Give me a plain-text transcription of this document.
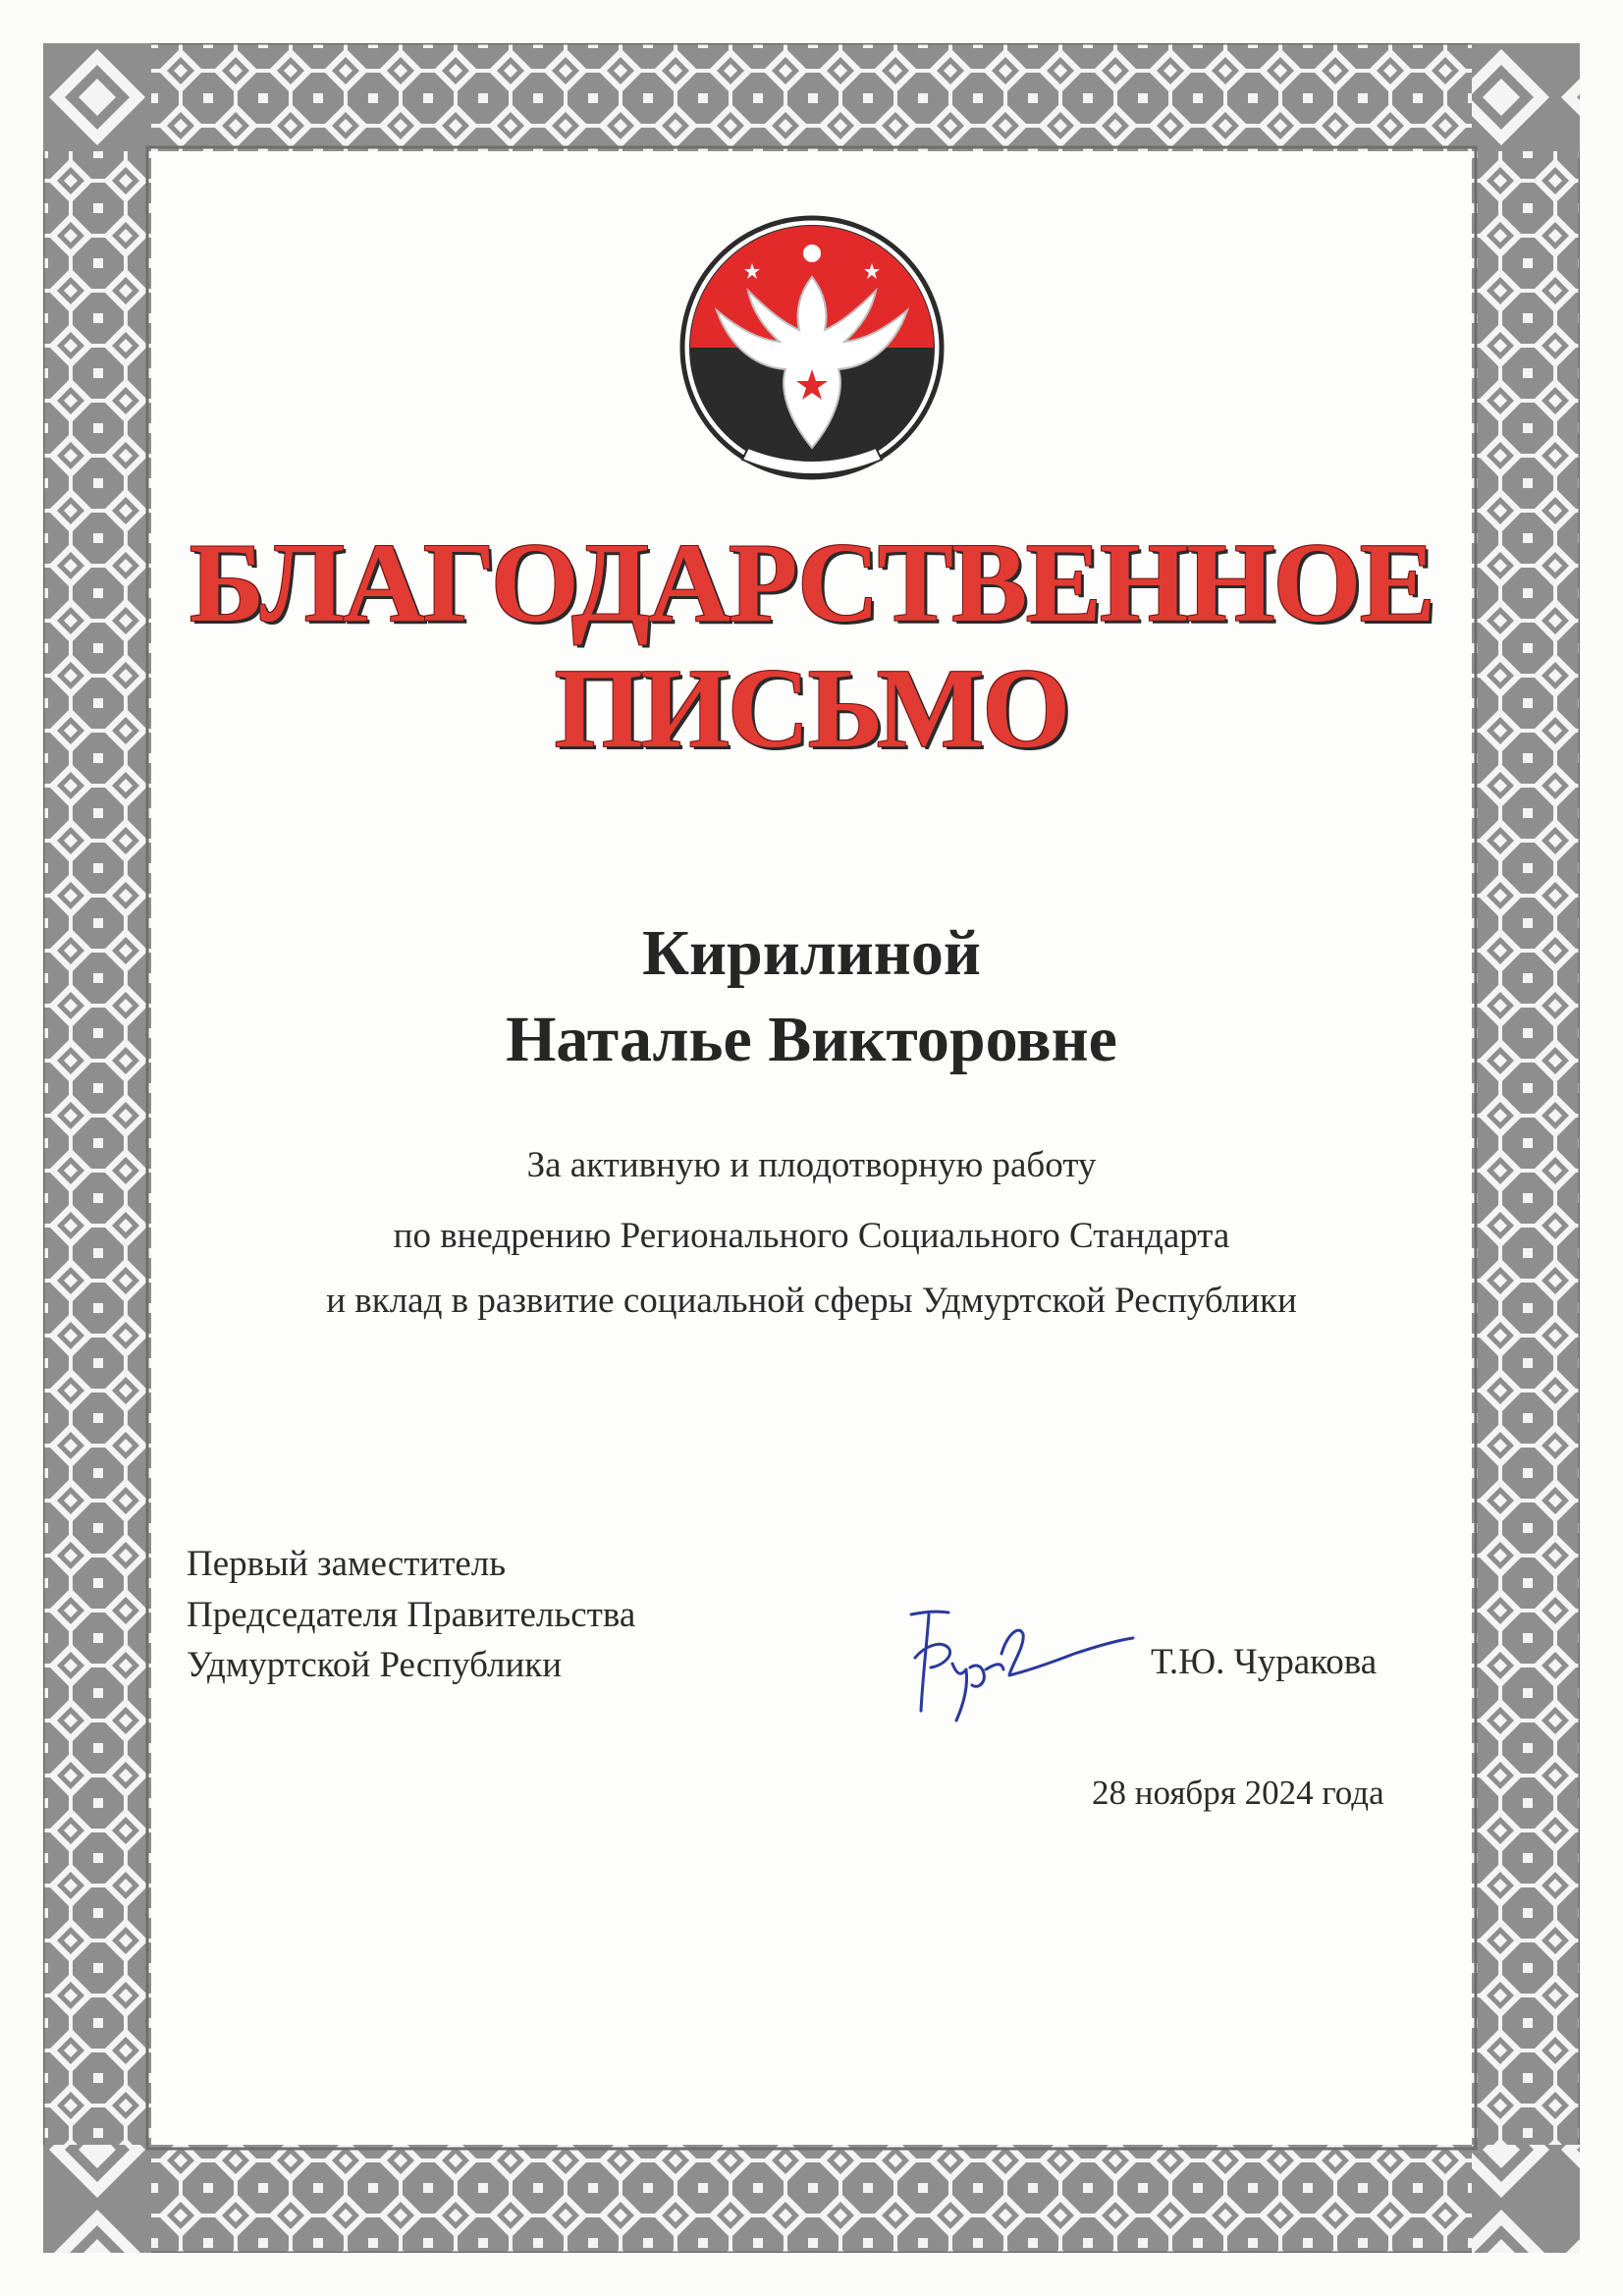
БЛАГОДАРСТВЕННОЕ

ПИСЬМО

Кирилиной

Наталье Викторовне

За активную и плодотворную работу

по внедрению Регионального Социального Стандарта

и вклад в развитие социальной сферы Удмуртской Республики

Первый заместитель

Председателя Правительства

Удмуртской Республики	Т.Ю. Чуракова

28 ноября 2024 года
